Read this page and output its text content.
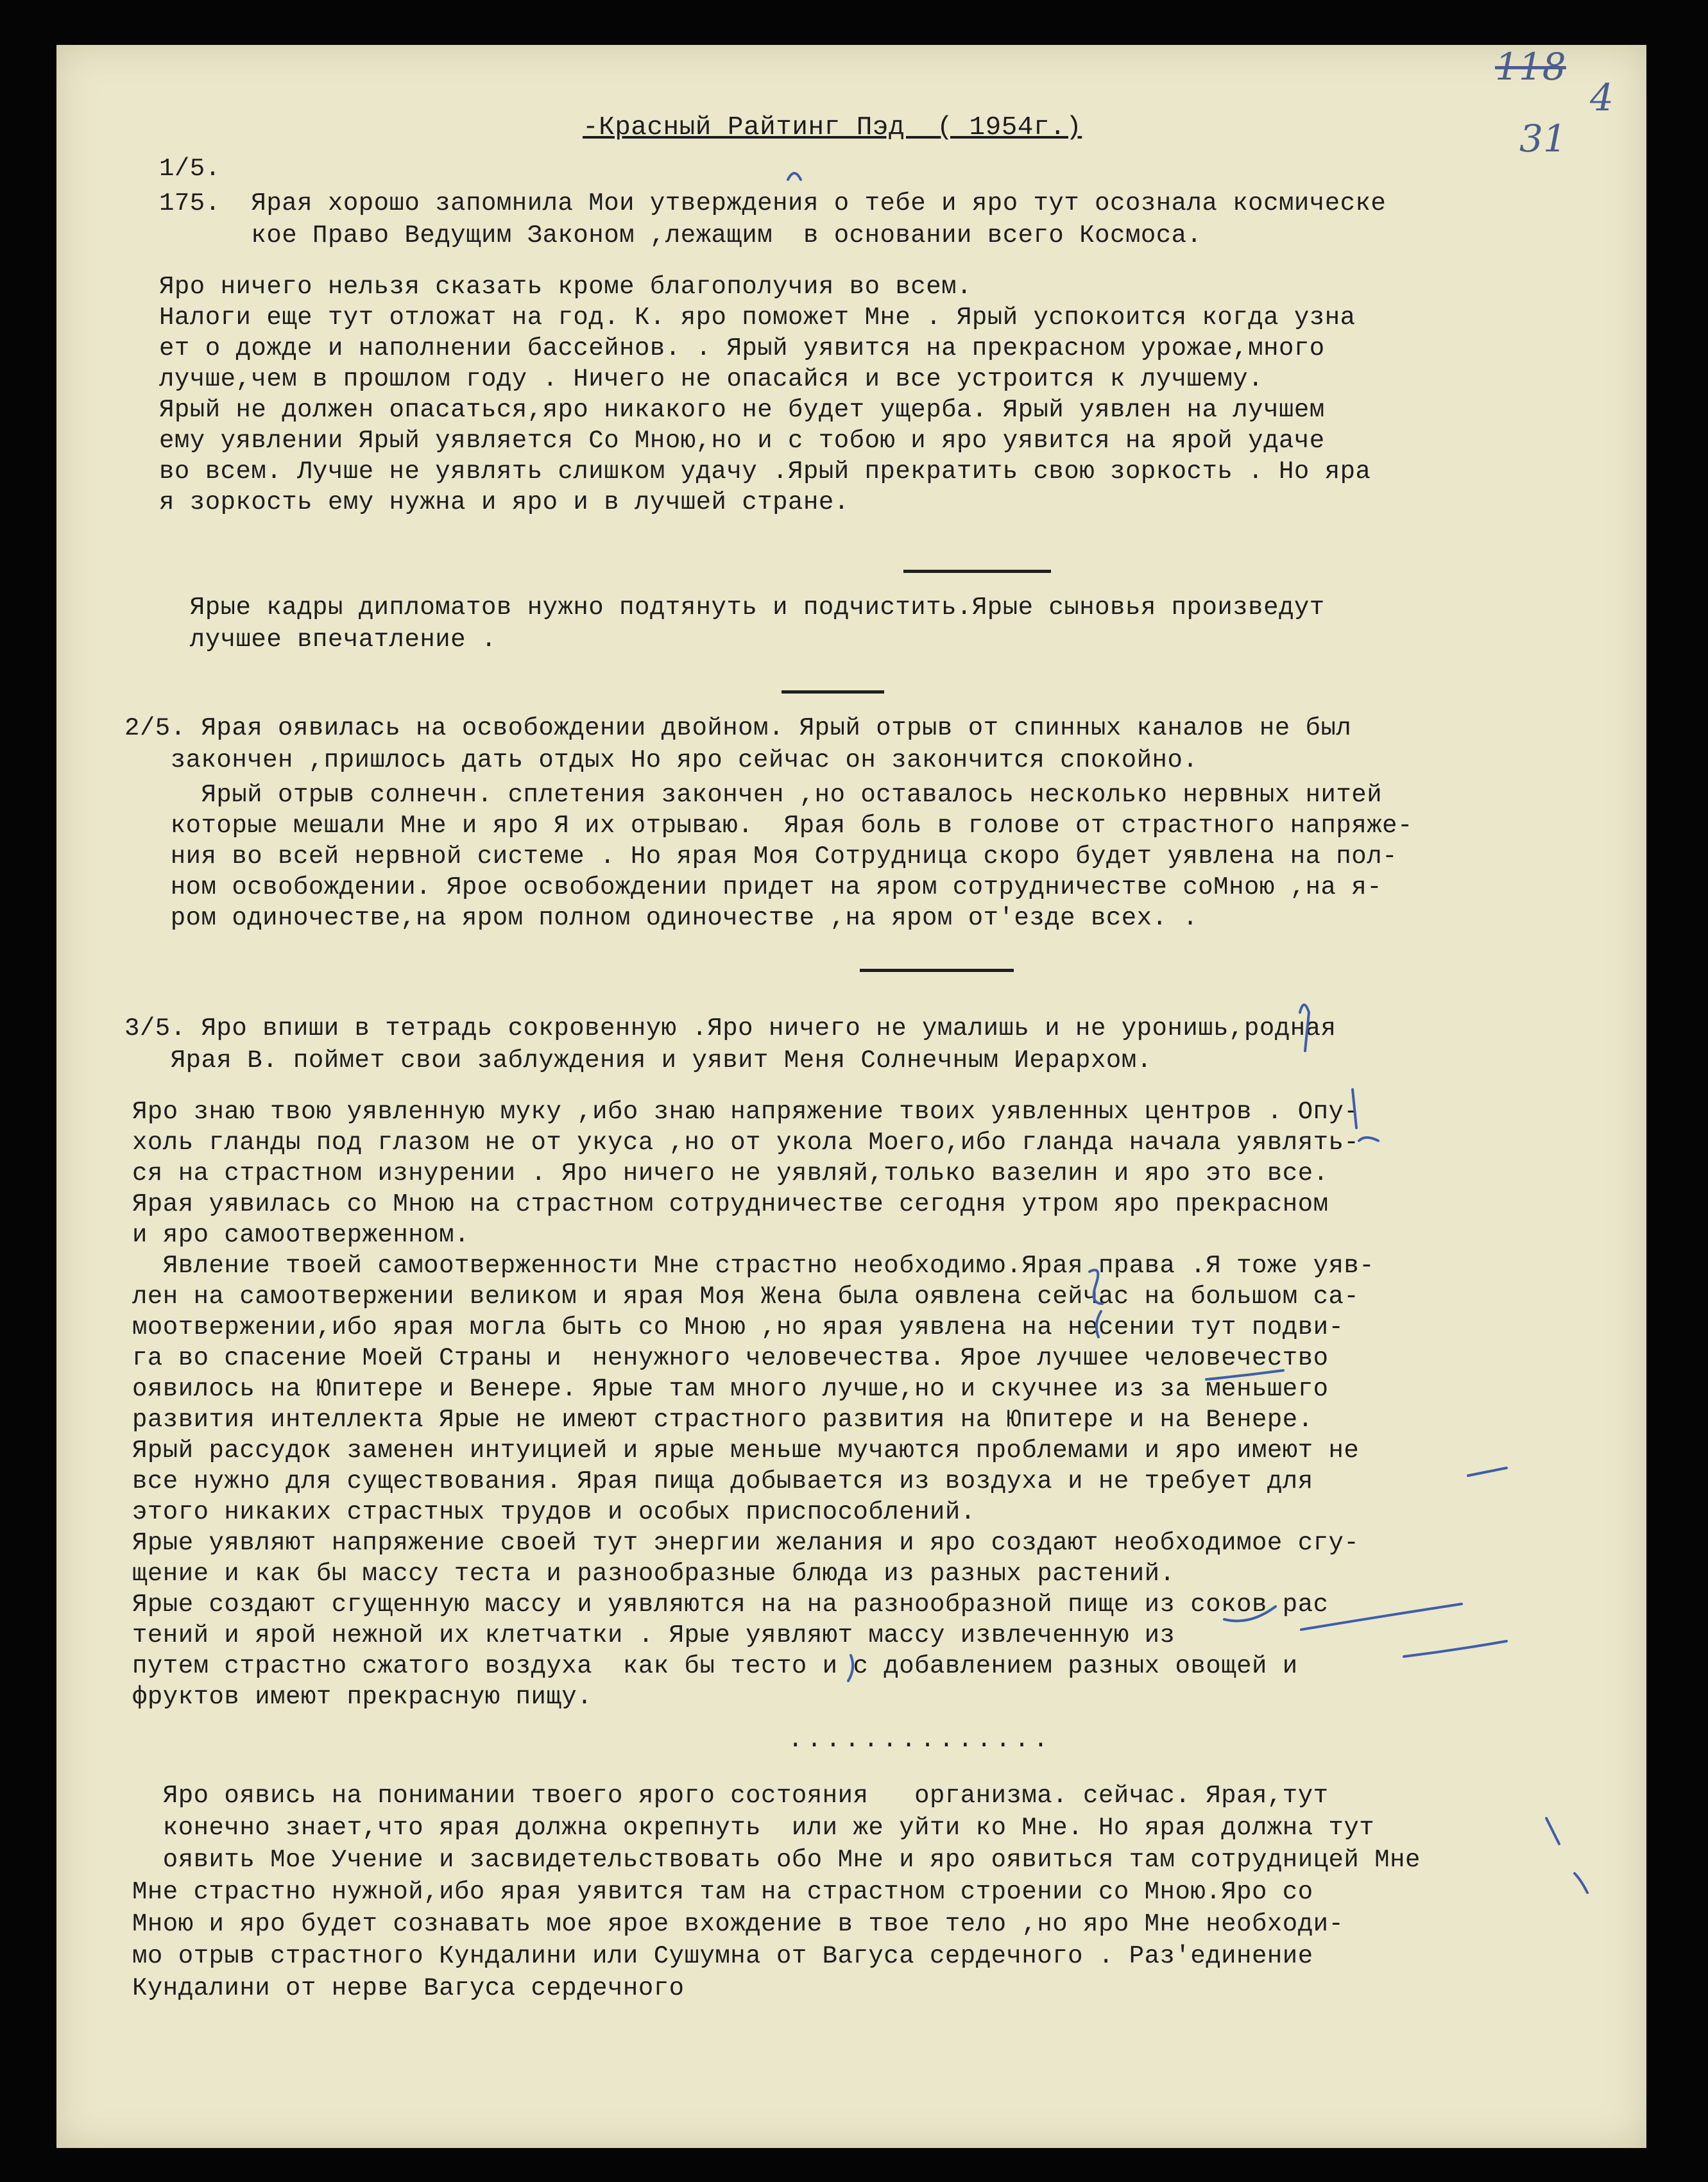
118
4
31
-Красный Райтинг Пэд  ( 1954г.)
1/5.
175.  Ярая хорошо запомнила Мои утверждения о тебе и яро тут осознала космическе
кое Право Ведущим Законом ,лежащим  в основании всего Космоса.
Яро ничего нельзя сказать кроме благополучия во всем.
Налоги еще тут отложат на год. К. яро поможет Мне . Ярый успокоится когда узна
ет о дожде и наполнении бассейнов. . Ярый уявится на прекрасном урожае,много
лучше,чем в прошлом году . Ничего не опасайся и все устроится к лучшему.
Ярый не должен опасаться,яро никакого не будет ущерба. Ярый уявлен на лучшем
ему уявлении Ярый уявляется Со Мною,но и с тобою и яро уявится на ярой удаче
во всем. Лучше не уявлять слишком удачу .Ярый прекратить свою зоркость . Но яра
я зоркость ему нужна и яро и в лучшей стране.
Ярые кадры дипломатов нужно подтянуть и подчистить.Ярые сыновья произведут
лучшее впечатление .
2/5. Ярая оявилась на освобождении двойном. Ярый отрыв от спинных каналов не был
закончен ,пришлось дать отдых Но яро сейчас он закончится спокойно.
Ярый отрыв солнечн. сплетения закончен ,но оставалось несколько нервных нитей
которые мешали Мне и яро Я их отрываю.  Ярая боль в голове от страстного напряже-
ния во всей нервной системе . Но ярая Моя Сотрудница скоро будет уявлена на пол-
ном освобождении. Ярое освобождении придет на яром сотрудничестве соМною ,на я-
ром одиночестве,на яром полном одиночестве ,на яром от'езде всех. .
3/5. Яро впиши в тетрадь сокровенную .Яро ничего не умалишь и не уронишь,родная
Ярая В. поймет свои заблуждения и уявит Меня Солнечным Иерархом.
Яро знаю твою уявленную муку ,ибо знаю напряжение твоих уявленных центров . Опу-
холь гланды под глазом не от укуса ,но от укола Моего,ибо гланда начала уявлять-
ся на страстном изнурении . Яро ничего не уявляй,только вазелин и яро это все.
Ярая уявилась со Мною на страстном сотрудничестве сегодня утром яро прекрасном
и яро самоотверженном.
Явление твоей самоотверженности Мне страстно необходимо.Ярая права .Я тоже уяв-
лен на самоотвержении великом и ярая Моя Жена была оявлена сейчас на большом са-
моотвержении,ибо ярая могла быть со Мною ,но ярая уявлена на несении тут подви-
га во спасение Моей Страны и  ненужного человечества. Ярое лучшее человечество
оявилось на Юпитере и Венере. Ярые там много лучше,но и скучнее из за меньшего
развития интеллекта Ярые не имеют страстного развития на Юпитере и на Венере.
Ярый рассудок заменен интуицией и ярые меньше мучаются проблемами и яро имеют не
все нужно для существования. Ярая пища добывается из воздуха и не требует для
этого никаких страстных трудов и особых приспособлений.
Ярые уявляют напряжение своей тут энергии желания и яро создают необходимое сгу-
щение и как бы массу теста и разнообразные блюда из разных растений.
Ярые создают сгущенную массу и уявляются на на разнообразной пище из соков рас
тений и ярой нежной их клетчатки . Ярые уявляют массу извлеченную из
путем страстно сжатого воздуха  как бы тесто и с добавлением разных овощей и
фруктов имеют прекрасную пищу.
..............
Яро оявись на понимании твоего ярого состояния   организма. сейчас. Ярая,тут
конечно знает,что ярая должна окрепнуть  или же уйти ко Мне. Но ярая должна тут
оявить Мое Учение и засвидетельствовать обо Мне и яро оявиться там сотрудницей Мне
Мне страстно нужной,ибо ярая уявится там на страстном строении со Мною.Яро со
Мною и яро будет сознавать мое ярое вхождение в твое тело ,но яро Мне необходи-
мо отрыв страстного Кундалини или Сушумна от Вагуса сердечного . Раз'единение
Кундалини от нерве Вагуса сердечного
